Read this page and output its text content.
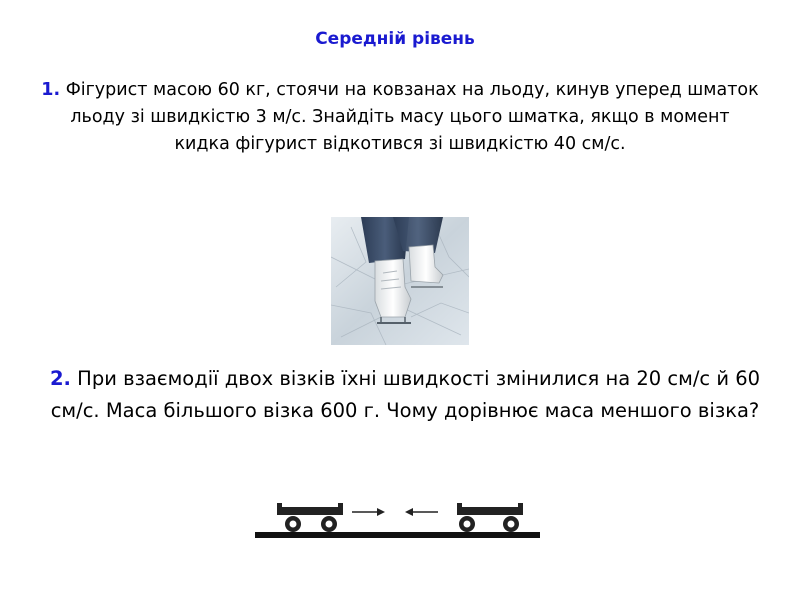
Середній рівень
1. Фігурист масою 60 кг, стоячи на ковзанах на льоду, кинув уперед шматок льоду зі швидкістю 3 м/с. Знайдіть масу цього шматка, якщо в момент кидка фігурист відкотився зі швидкістю 40 см/с.
2. При взаємодії двох візків їхні швидкості змінилися на 20 см/с й 60 см/с. Маса більшого візка 600 г. Чому дорівнює маса меншого візка?
